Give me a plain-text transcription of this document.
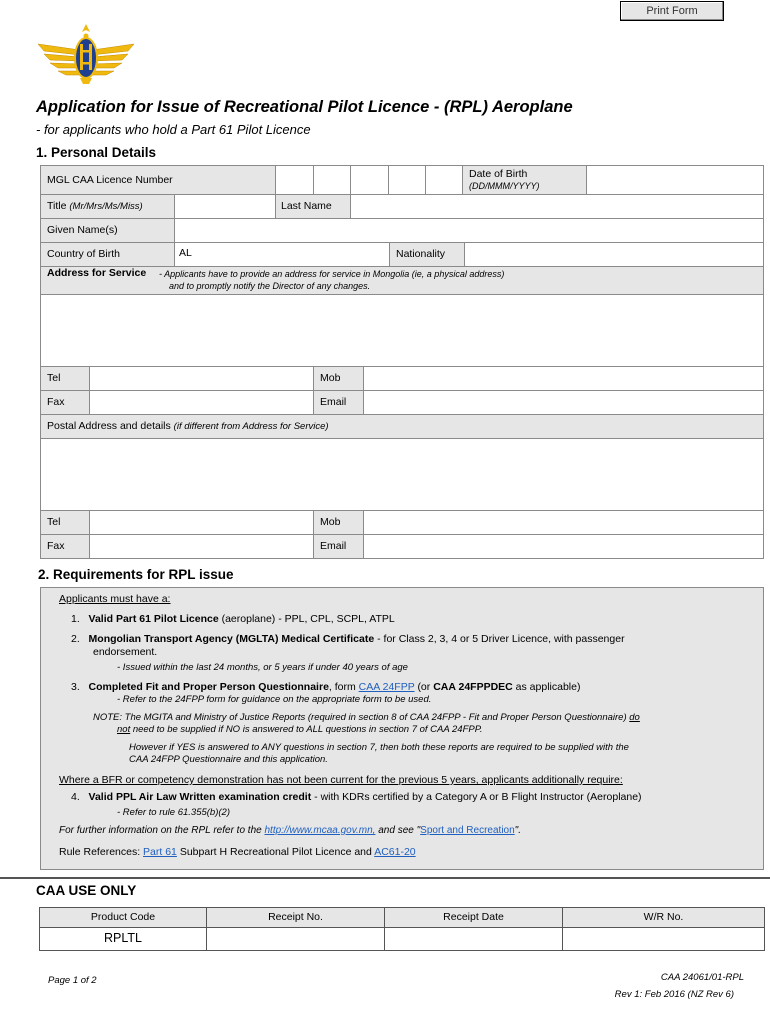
Print Form
Application for Issue of Recreational Pilot Licence - (RPL) Aeroplane
- for applicants who hold a Part 61 Pilot Licence
1. Personal Details
MGL CAA Licence Number	Date of Birth
(DD/MMM/YYYY)
Title (Mr/Mrs/Ms/Miss)	Last Name
Given Name(s)
Country of Birth	AL	Nationality
Address for Service - Applicants have to provide an address for service in Mongolia (ie, a physical address)
and to promptly notify the Director of any changes.
Tel	Mob
Fax	Email
Postal Address and details (if different from Address for Service)
Tel	Mob
Fax	Email
2. Requirements for RPL issue
Applicants must have a:
1. Valid Part 61 Pilot Licence (aeroplane) - PPL, CPL, SCPL, ATPL
2. Mongolian Transport Agency (MGLTA) Medical Certificate - for Class 2, 3, 4 or 5 Driver Licence, with passenger
endorsement.
- Issued within the last 24 months, or 5 years if under 40 years of age
3. Completed Fit and Proper Person Questionnaire, form CAA 24FPP (or CAA 24FPPDEC as applicable)
- Refer to the 24FPP form for guidance on the appropriate form to be used.
NOTE: The MGITA and Ministry of Justice Reports (required in section 8 of CAA 24FPP - Fit and Proper Person Questionnaire) do
not need to be supplied if NO is answered to ALL questions in section 7 of CAA 24FPP.
However if YES is answered to ANY questions in section 7, then both these reports are required to be supplied with the
CAA 24FPP Questionnaire and this application.
Where a BFR or competency demonstration has not been current for the previous 5 years, applicants additionally require:
4. Valid PPL Air Law Written examination credit - with KDRs certified by a Category A or B Flight Instructor (Aeroplane)
- Refer to rule 61.355(b)(2)
For further information on the RPL refer to the http://www.mcaa.gov.mn, and see "Sport and Recreation".
Rule References: Part 61 Subpart H Recreational Pilot Licence and AC61-20
CAA USE ONLY
Product Code	Receipt No.	Receipt Date	W/R No.
RPLTL
Page 1 of 2	CAA 24061/01-RPL
Rev 1: Feb 2016 (NZ Rev 6)
